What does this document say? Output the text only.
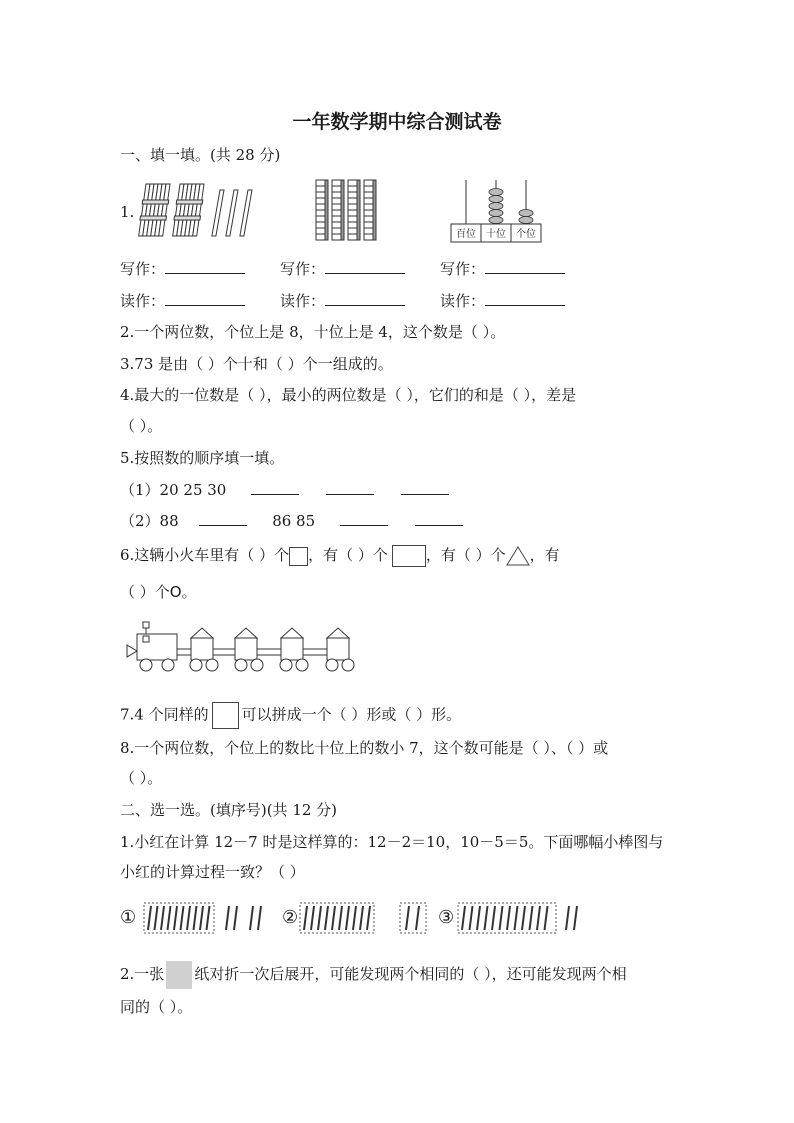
一年数学期中综合测试卷
一、填一填。(共 28 分)
1.
百位 十位 个位
写作：	写作：	写作：
读作：	读作：	读作：
2.一个两位数，个位上是 8，十位上是 4，这个数是（ ）。
3.73 是由（ ）个十和（ ）个一组成的。
4.最大的一位数是（ ），最小的两位数是（ ），它们的和是（ ），差是
（ ）。
5.按照数的顺序填一填。
（1）20 25 30
（2）88	86 85
6.这辆小火车里有（ ）个 ，有（ ）个	，有（ ）个 ，有
（ ）个O。
7.4 个同样的 可以拼成一个（ ）形或（ ）形。
8.一个两位数，个位上的数比十位上的数小 7，这个数可能是（ ）、（ ）或
（ ）。
二、选一选。(填序号)(共 12 分)
1.小红在计算 12－7 时是这样算的：12－2＝10，10－5＝5。下面哪幅小棒图与
小红的计算过程一致？（ ）
①	②	③
2.一张 纸对折一次后展开，可能发现两个相同的（ ），还可能发现两个相
同的（ ）。
